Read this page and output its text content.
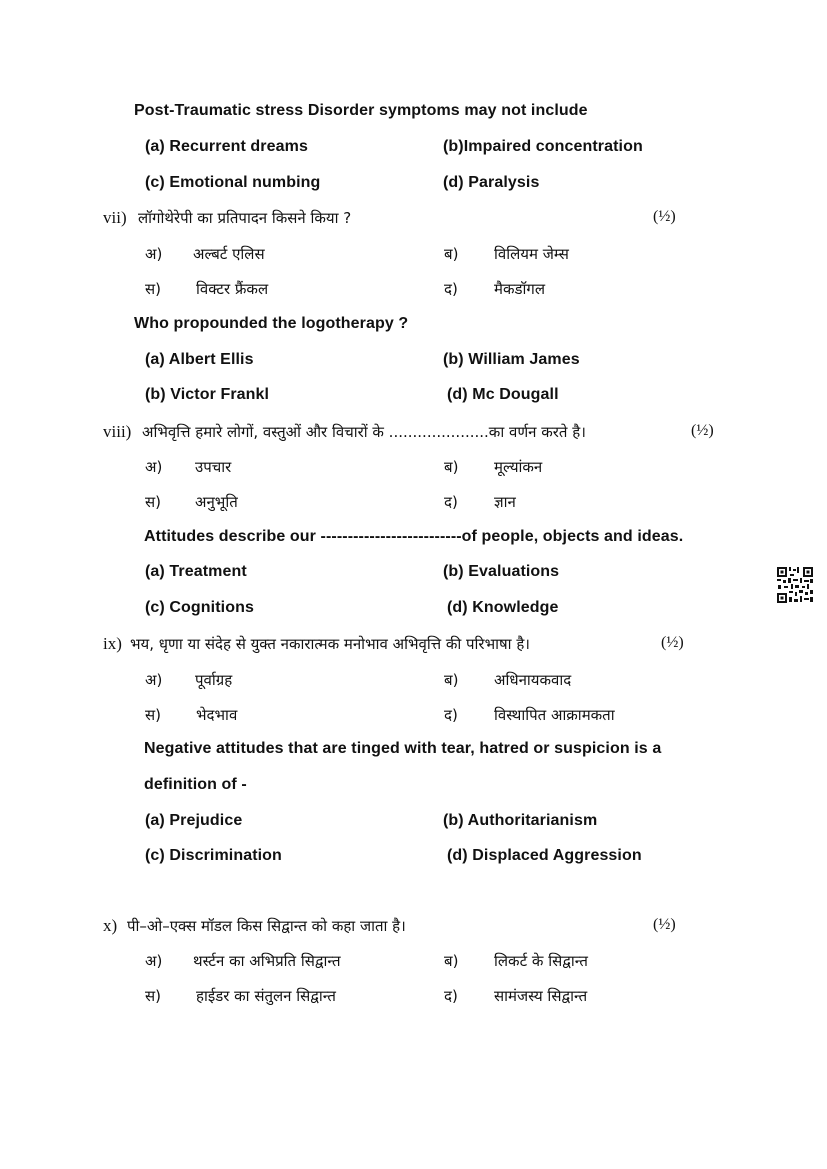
Post-Traumatic stress Disorder symptoms may not include
(a) Recurrent dreams	(b)Impaired concentration
(c) Emotional numbing	(d) Paralysis
vii) लॉगोथेरेपी का प्रतिपादन किसने किया ?	(½)
अ) अल्बर्ट एलिस	ब) विलियम जेम्स
स) विक्टर फ्रैंकल	द) मैकडॉगल
Who propounded the logotherapy ?
(a) Albert Ellis	(b) William James
(b) Victor Frankl	(d) Mc Dougall
viii) अभिवृत्ति हमारे लोगों, वस्तुओं और विचारों के .....................का वर्णन करते है।	(½)
अ) उपचार	ब) मूल्यांकन
स) अनुभूति	द) ज्ञान
Attitudes describe our --------------------------of people, objects and ideas.
(a) Treatment	(b) Evaluations
(c) Cognitions	(d) Knowledge
ix) भय, धृणा या संदेह से युक्त नकारात्मक मनोभाव अभिवृत्ति की परिभाषा है।	(½)
अ) पूर्वाग्रह	ब) अधिनायकवाद
स) भेदभाव	द) विस्थापित आक्रामकता
Negative attitudes that are tinged with tear, hatred or suspicion is a
definition of -
(a) Prejudice	(b) Authoritarianism
(c) Discrimination	(d) Displaced Aggression
x) पी–ओ–एक्स मॉडल किस सिद्वान्त को कहा जाता है।	(½)
अ) थर्स्टन का अभिप्रति सिद्वान्त	ब) लिकर्ट के सिद्वान्त
स) हाईडर का संतुलन सिद्वान्त	द) सामंजस्य सिद्वान्त
